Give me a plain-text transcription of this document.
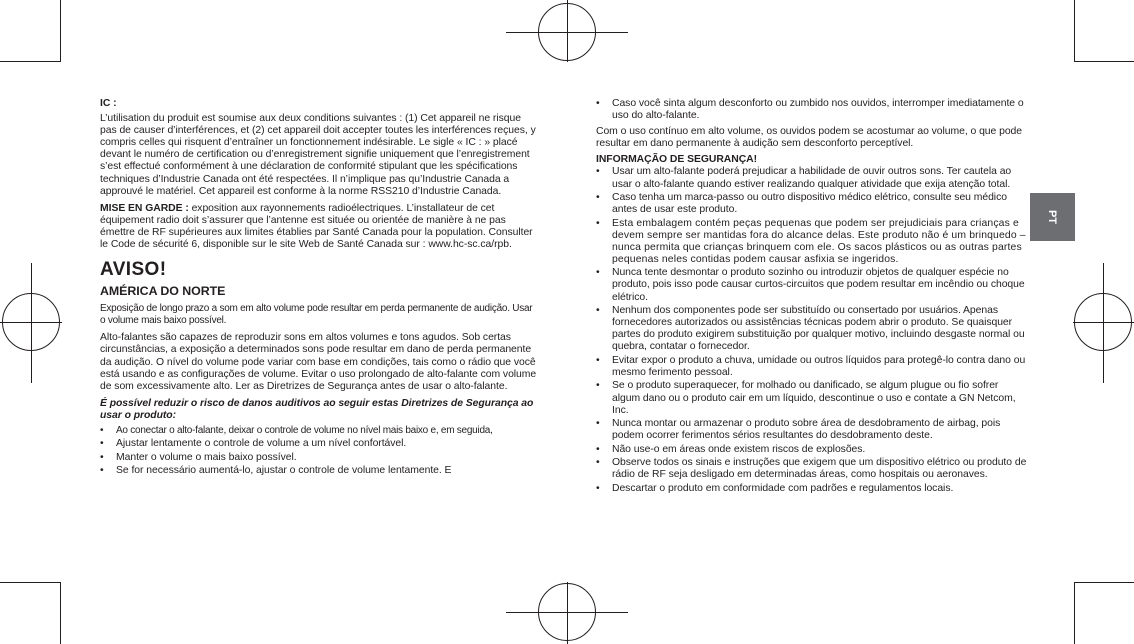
PT
IC :

L’utilisation du produit est soumise aux deux conditions suivantes : (1) Cet appareil ne risque pas de causer d’interférences, et (2) cet appareil doit accepter toutes les interférences reçues, y compris celles qui risquent d’entraîner un fonctionnement indésirable. Le sigle « IC : » placé devant le numéro de certification ou d’enregistrement signifie uniquement que l’enregistrement s’est effectué conformément à une déclaration de conformité stipulant que les spécifications techniques d’Industrie Canada ont été respectées. Il n’implique pas qu’Industrie Canada a approuvé le matériel. Cet appareil est conforme à la norme RSS210 d’Industrie Canada.

MISE EN GARDE : exposition aux rayonnements radioélectriques. L’installateur de cet équipement radio doit s’assurer que l’antenne est située ou orientée de manière à ne pas émettre de RF supérieures aux limites établies par Santé Canada pour la population. Consulter le Code de sécurité 6, disponible sur le site Web de Santé Canada sur : www.hc-sc.ca/rpb.

AVISO!
AMÉRICA DO NORTE

Exposição de longo prazo a som em alto volume pode resultar em perda permanente de audição. Usar o volume mais baixo possível.

Alto-falantes são capazes de reproduzir sons em altos volumes e tons agudos. Sob certas circunstâncias, a exposição a determinados sons pode resultar em dano de perda permanente da audição. O nível do volume pode variar com base em condições, tais como o rádio que você está usando e as configurações de volume. Evitar o uso prolongado de alto-falante com volume de som excessivamente alto. Ler as Diretrizes de Segurança antes de usar o alto-falante.

É possível reduzir o risco de danos auditivos ao seguir estas Diretrizes de Segurança ao usar o produto:

• Ao conectar o alto-falante, deixar o controle de volume no nível mais baixo e, em seguida,
• Ajustar lentamente o controle de volume a um nível confortável.
• Manter o volume o mais baixo possível.
• Se for necessário aumentá-lo, ajustar o controle de volume lentamente. E
• Caso você sinta algum desconforto ou zumbido nos ouvidos, interromper imediatamente o uso do alto-falante.

Com o uso contínuo em alto volume, os ouvidos podem se acostumar ao volume, o que pode resultar em dano permanente à audição sem desconforto perceptível.

INFORMAÇÃO DE SEGURANÇA!
• Usar um alto-falante poderá prejudicar a habilidade de ouvir outros sons. Ter cautela ao usar o alto-falante quando estiver realizando qualquer atividade que exija atenção total.
• Caso tenha um marca-passo ou outro dispositivo médico elétrico, consulte seu médico antes de usar este produto.
• Esta embalagem contém peças pequenas que podem ser prejudiciais para crianças e devem sempre ser mantidas fora do alcance delas. Este produto não é um brinquedo – nunca permita que crianças brinquem com ele. Os sacos plásticos ou as outras partes pequenas neles contidas podem causar asfixia se ingeridos.
• Nunca tente desmontar o produto sozinho ou introduzir objetos de qualquer espécie no produto, pois isso pode causar curtos-circuitos que podem resultar em incêndio ou choque elétrico.
• Nenhum dos componentes pode ser substituído ou consertado por usuários. Apenas fornecedores autorizados ou assistências técnicas podem abrir o produto. Se quaisquer partes do produto exigirem substituição por qualquer motivo, incluindo desgaste normal ou quebra, contatar o fornecedor.
• Evitar expor o produto a chuva, umidade ou outros líquidos para protegê-lo contra dano ou mesmo ferimento pessoal.
• Se o produto superaquecer, for molhado ou danificado, se algum plugue ou fio sofrer algum dano ou o produto cair em um líquido, descontinue o uso e contate a GN Netcom, Inc.
• Nunca montar ou armazenar o produto sobre área de desdobramento de airbag, pois podem ocorrer ferimentos sérios resultantes do desdobramento deste.
• Não use-o em áreas onde existem riscos de explosões.
• Observe todos os sinais e instruções que exigem que um dispositivo elétrico ou produto de rádio de RF seja desligado em determinadas áreas, como hospitais ou aeronaves.
• Descartar o produto em conformidade com padrões e regulamentos locais.
